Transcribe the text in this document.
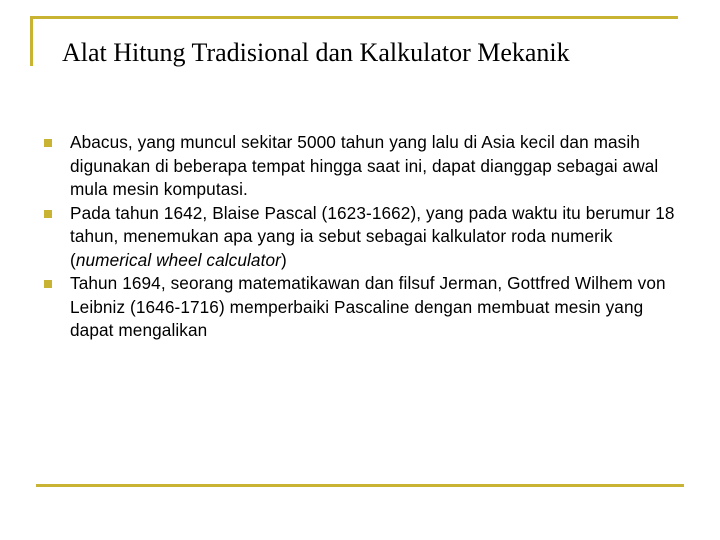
Alat Hitung Tradisional dan Kalkulator Mekanik
Abacus, yang muncul sekitar 5000 tahun yang lalu di Asia kecil dan masih digunakan di beberapa tempat hingga saat ini, dapat dianggap sebagai awal mula mesin komputasi.
Pada tahun 1642, Blaise Pascal (1623-1662), yang pada waktu itu berumur 18 tahun, menemukan apa yang ia sebut sebagai kalkulator roda numerik (numerical wheel calculator)
Tahun 1694, seorang matematikawan dan filsuf Jerman, Gottfred Wilhem von Leibniz (1646-1716) memperbaiki Pascaline dengan membuat mesin yang dapat mengalikan
